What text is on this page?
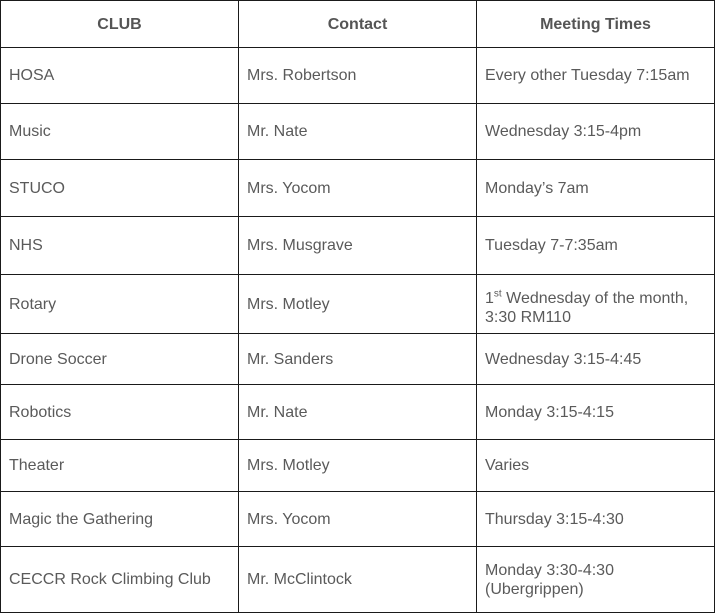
CLUB	Contact	Meeting Times
HOSA	Mrs. Robertson	Every other Tuesday 7:15am
Music	Mr. Nate	Wednesday 3:15-4pm
STUCO	Mrs. Yocom	Monday’s 7am
NHS	Mrs. Musgrave	Tuesday 7-7:35am
Rotary	Mrs. Motley	1st Wednesday of the month,
3:30 RM110
Drone Soccer	Mr. Sanders	Wednesday 3:15-4:45
Robotics	Mr. Nate	Monday 3:15-4:15
Theater	Mrs. Motley	Varies
Magic the Gathering	Mrs. Yocom	Thursday 3:15-4:30
CECCR Rock Climbing Club	Mr. McClintock	Monday 3:30-4:30
(Ubergrippen)
